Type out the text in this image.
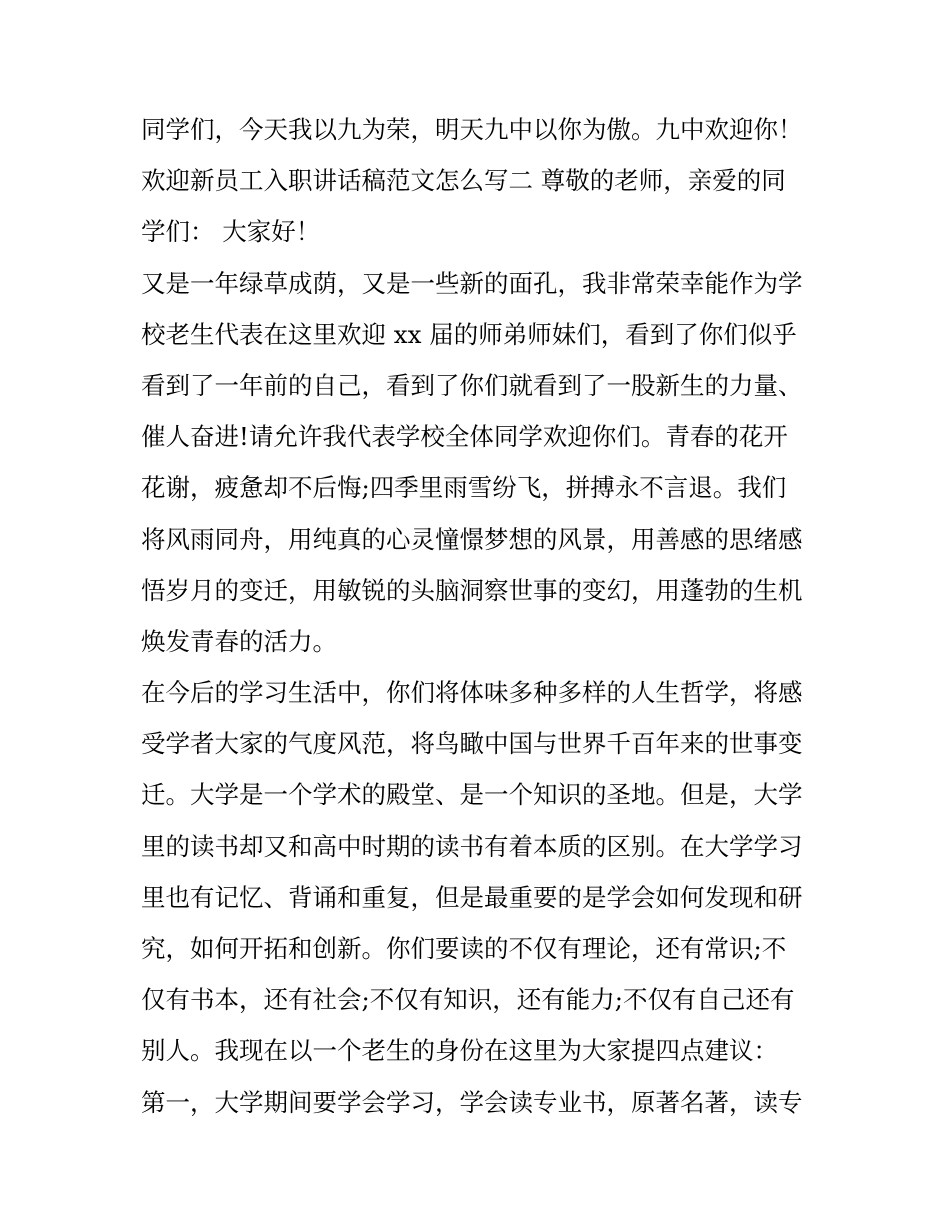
同学们，今天我以九为荣，明天九中以你为傲。九中欢迎你！
欢迎新员工入职讲话稿范文怎么写二 尊敬的老师，亲爱的同
学们： 大家好！
又是一年绿草成荫，又是一些新的面孔，我非常荣幸能作为学
校老生代表在这里欢迎 xx 届的师弟师妹们，看到了你们似乎
看到了一年前的自己，看到了你们就看到了一股新生的力量、
催人奋进!请允许我代表学校全体同学欢迎你们。青春的花开
花谢，疲惫却不后悔;四季里雨雪纷飞，拼搏永不言退。我们
将风雨同舟，用纯真的心灵憧憬梦想的风景，用善感的思绪感
悟岁月的变迁，用敏锐的头脑洞察世事的变幻，用蓬勃的生机
焕发青春的活力。
在今后的学习生活中，你们将体味多种多样的人生哲学，将感
受学者大家的气度风范，将鸟瞰中国与世界千百年来的世事变
迁。大学是一个学术的殿堂、是一个知识的圣地。但是，大学
里的读书却又和高中时期的读书有着本质的区别。在大学学习
里也有记忆、背诵和重复，但是最重要的是学会如何发现和研
究，如何开拓和创新。你们要读的不仅有理论，还有常识;不
仅有书本，还有社会;不仅有知识，还有能力;不仅有自己还有
别人。我现在以一个老生的身份在这里为大家提四点建议：
第一，大学期间要学会学习，学会读专业书，原著名著，读专
